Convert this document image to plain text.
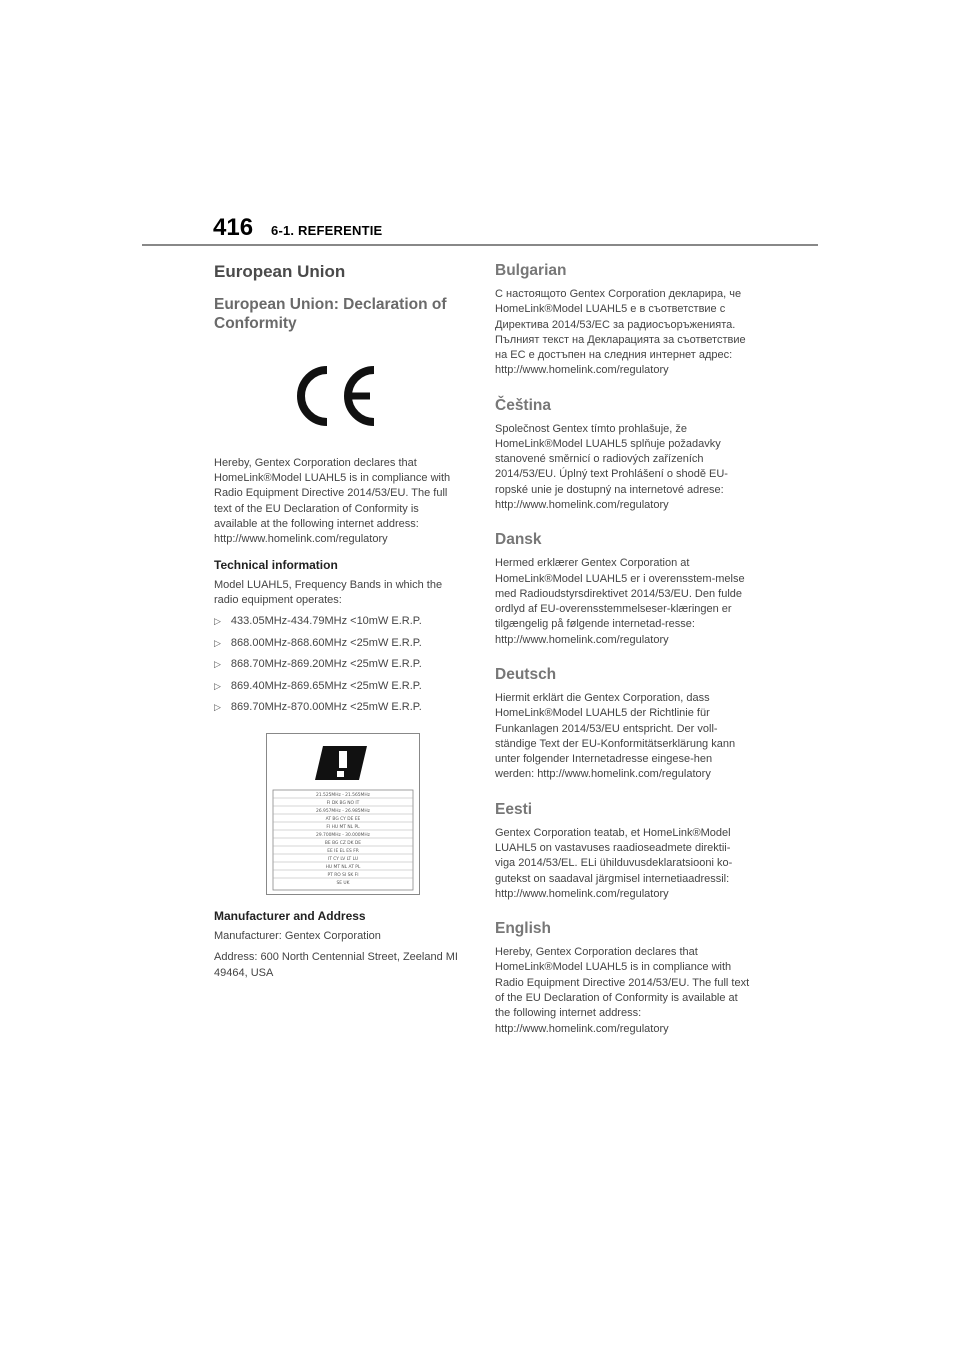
416 6-1. REFERENTIE
European Union
European Union: Declaration of Conformity

Hereby, Gentex Corporation declares that HomeLink®Model LUAHL5 is in compliance with Radio Equipment Directive 2014/53/EU. The full text of the EU Declaration of Conformity is available at the following internet address: http://www.homelink.com/regulatory

Technical information

Model LUAHL5, Frequency Bands in which the radio equipment operates:

▷ 433.05MHz-434.79MHz <10mW E.R.P.
▷ 868.00MHz-868.60MHz <25mW E.R.P.
▷ 868.70MHz-869.20MHz <25mW E.R.P.
▷ 869.40MHz-869.65MHz <25mW E.R.P.
▷ 869.70MHz-870.00MHz <25mW E.R.P.
21.525MHz - 21.565MHz
FI DK BG NO IT
26.957MHz - 26.985MHz
AT BG CY DE EE
FI HU MT NL PL
29.700MHz - 30.000MHz
BE BG CZ DK DE
EE IE EL ES FR
IT CY LV LT LU
HU MT NL AT PL
PT RO SI SK FI
SE UK
Manufacturer and Address

Manufacturer: Gentex Corporation

Address: 600 North Centennial Street, Zeeland MI 49464, USA

Bulgarian

С настоящото Gentex Corporation декларира, че HomeLink®Model LUAHL5 е в съответствие с Директива 2014/53/EC за радиосъоръженията. Пълният текст на Декларацията за съответствие на ЕС е достъпен на следния интернет адрес: http://www.homelink.com/regulatory

Čeština

Společnost Gentex tímto prohlašuje, že HomeLink®Model LUAHL5 splňuje požadavky stanovené směrnicí o radiových zařízeních 2014/53/EU. Úplný text Prohlášení o shodě EU-ropské unie je dostupný na internetové adrese: http://www.homelink.com/regulatory

Dansk

Hermed erklærer Gentex Corporation at HomeLink®Model LUAHL5 er i overensstem-melse med Radioudstyrsdirektivet 2014/53/EU. Den fulde ordlyd af EU-overensstemmelseser-klæringen er tilgængelig på følgende internetad-resse: http://www.homelink.com/regulatory

Deutsch

Hiermit erklärt die Gentex Corporation, dass HomeLink®Model LUAHL5 der Richtlinie für Funkanlagen 2014/53/EU entspricht. Der voll-ständige Text der EU-Konformitätserklärung kann unter folgender Internetadresse eingese-hen werden: http://www.homelink.com/regulatory

Eesti

Gentex Corporation teatab, et HomeLink®Model LUAHL5 on vastavuses raadioseadmete direktii-viga 2014/53/EL. ELi ühilduvusdeklaratsiooni ko-gutekst on saadaval järgmisel internetiaadressil: http://www.homelink.com/regulatory

English

Hereby, Gentex Corporation declares that HomeLink®Model LUAHL5 is in compliance with Radio Equipment Directive 2014/53/EU. The full text of the EU Declaration of Conformity is available at the following internet address: http://www.homelink.com/regulatory
